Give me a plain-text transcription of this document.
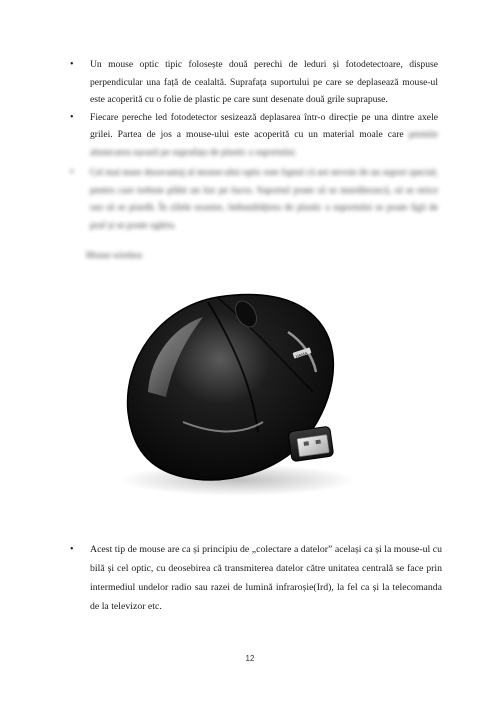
• Un mouse optic tipic folosește două perechi de leduri și fotodetectoare, dispuse perpendicular una față de cealaltă. Suprafața suportului pe care se deplasează mouse-ul este acoperită cu o folie de plastic pe care sunt desenate două grile suprapuse.
• Fiecare pereche led fotodetector sesizează deplasarea într-o direcție pe una dintre axele grilei. Partea de jos a mouse-ului este acoperită cu un material moale care permite alunecarea ușoară pe suprafața de plastic a suportului.
• Cel mai mare dezavantaj al mouse-ului optic este faptul că are nevoie de un suport special, pentru care trebuie plătit un lux pe lucru. Suportul poate să se murdărească, să se strice sau să se piardă. În zilele noastre, îmbunătățirea de plastic a suportului se poate ligă de praf și se poate zgâria.
Mouse wireless
HAMA
• Acest tip de mouse are ca și principiu de „colectare a datelor” același ca și la mouse-ul cu bilă și cel optic, cu deosebirea că transmiterea datelor către unitatea centrală se face prin intermediul undelor radio sau razei de lumină infraroșie(Ird), la fel ca și la telecomanda de la televizor etc.
12
